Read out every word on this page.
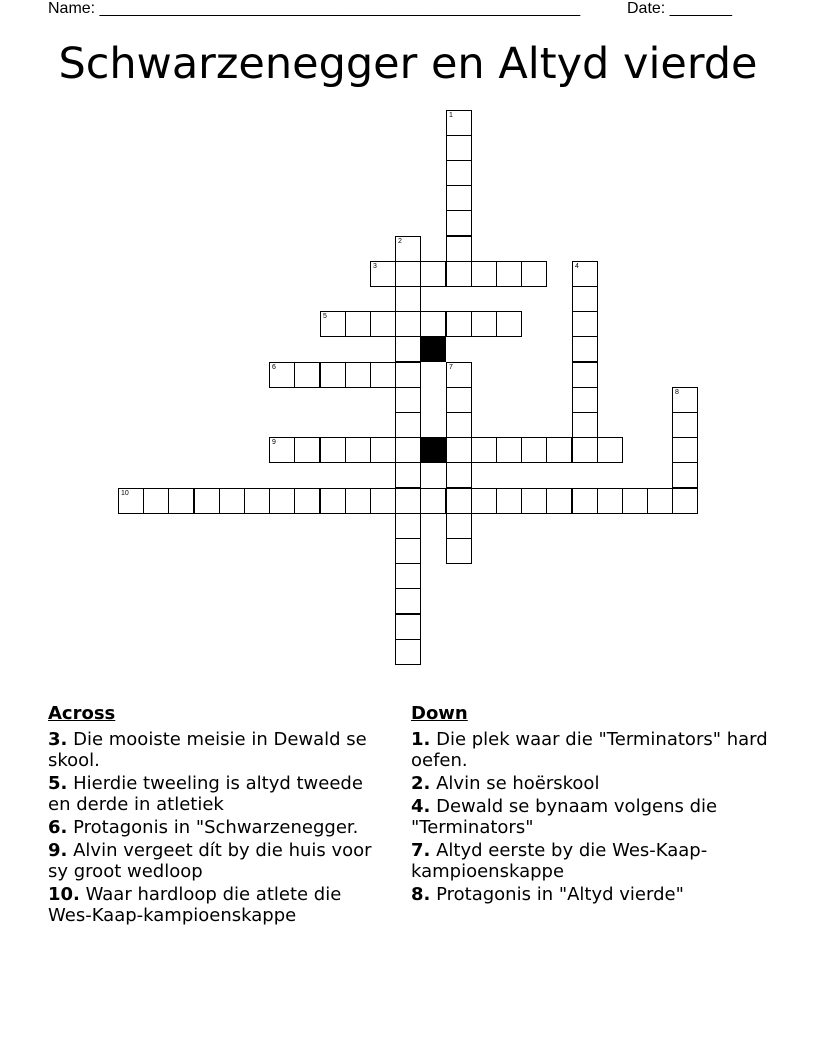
Name: ______________________________________________________	Date: _______
Schwarzenegger en Altyd vierde
1
2
3	4
5
6	7
8
9
10
Across
3. Die mooiste meisie in Dewald se skool.
5. Hierdie tweeling is altyd tweede en derde in atletiek
6. Protagonis in "Schwarzenegger.
9. Alvin vergeet dít by die huis voor sy groot wedloop
10. Waar hardloop die atlete die Wes-Kaap-kampioenskappe
Down
1. Die plek waar die "Terminators" hard oefen.
2. Alvin se hoërskool
4. Dewald se bynaam volgens die "Terminators"
7. Altyd eerste by die Wes-Kaap-kampioenskappe
8. Protagonis in "Altyd vierde"
